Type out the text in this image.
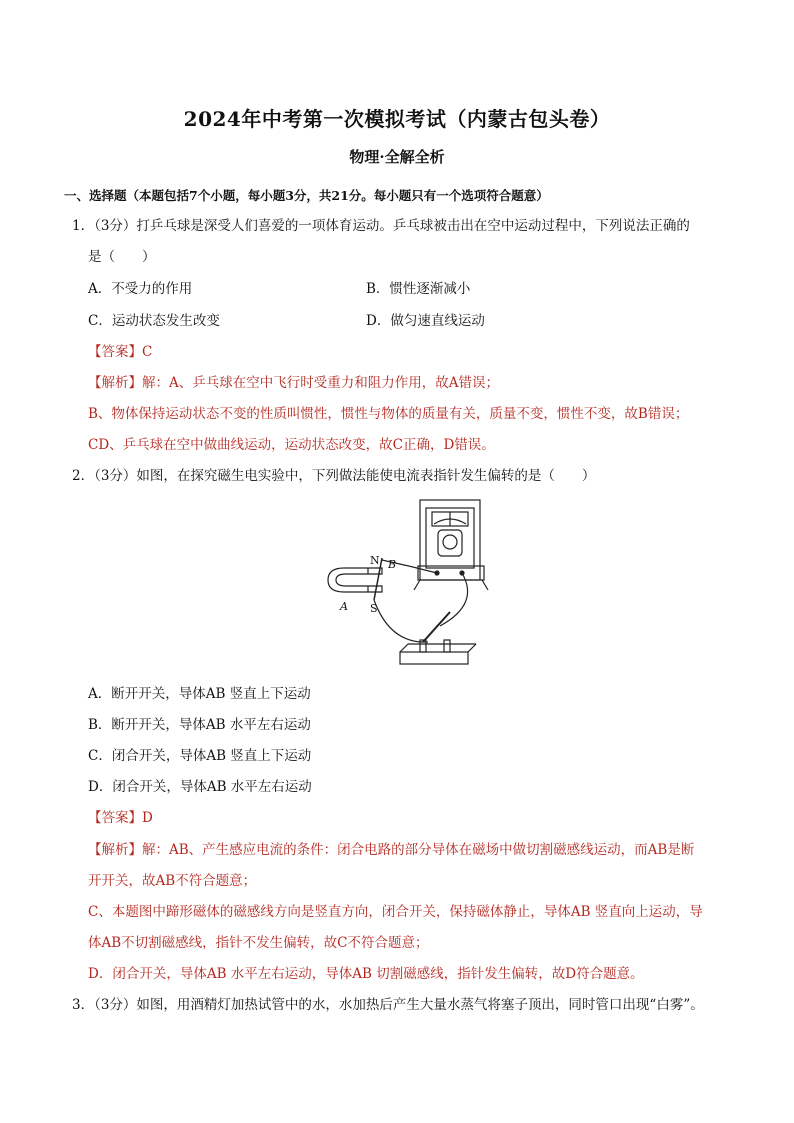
2024年中考第一次模拟考试（内蒙古包头卷）
物理·全解全析
一、选择题（本题包括7个小题，每小题3分，共21分。每小题只有一个选项符合题意）
1．（3分）打乒乓球是深受人们喜爱的一项体育运动。乒乓球被击出在空中运动过程中，下列说法正确的
是（　　）
A．不受力的作用	B．惯性逐渐减小
C．运动状态发生改变	D．做匀速直线运动
【答案】C
【解析】解：A、乒乓球在空中飞行时受重力和阻力作用，故A错误；
B、物体保持运动状态不变的性质叫惯性，惯性与物体的质量有关，质量不变，惯性不变，故B错误；
CD、乒乓球在空中做曲线运动，运动状态改变，故C正确，D错误。
2．（3分）如图，在探究磁生电实验中，下列做法能使电流表指针发生偏转的是（　　）
N B
A S
A．断开开关，导体AB 竖直上下运动
B．断开开关，导体AB 水平左右运动
C．闭合开关，导体AB 竖直上下运动
D．闭合开关，导体AB 水平左右运动
【答案】D
【解析】解：AB、产生感应电流的条件：闭合电路的部分导体在磁场中做切割磁感线运动，而AB是断
开开关，故AB不符合题意；
C、本题图中蹄形磁体的磁感线方向是竖直方向，闭合开关，保持磁体静止，导体AB 竖直向上运动，导
体AB不切割磁感线，指针不发生偏转，故C不符合题意；
D．闭合开关，导体AB 水平左右运动，导体AB 切割磁感线，指针发生偏转，故D符合题意。
3．（3分）如图，用酒精灯加热试管中的水，水加热后产生大量水蒸气将塞子顶出，同时管口出现“白雾”。
